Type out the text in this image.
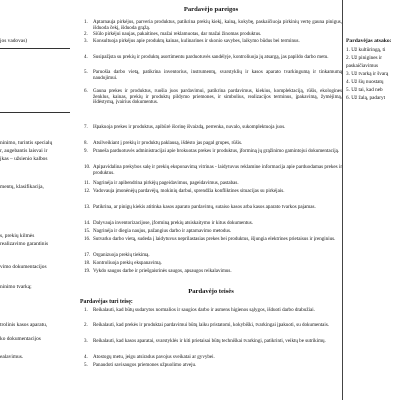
jos vadovas)
ninimo, turintis specialų
r, augebantis laisvai ir
jkas – užsienio kalbos
mentų, klasifikacija,
s, prekių kilmės
realizavimo garantinis
vimo dokumentacijos
ninimo tvarką;
trolinis kasos aparatu,
ko dokumentacijos
ealavimus.
Pardavėjo pareigos
1.	Aptarnauja pirkėjus, parveria produktus, patikrina prekių kiekį, kainą, kokybę, paskaičiuoja pirkinių vertę gauna pinigus, išduoda čekį, išduoda grąžą.
2.	Siūlo pirkėjui naujas, pakaitines, mažai reklamuotas, dar mažai žinomas produktus.
3.	Konsultuoja pirkėjus apie produktų kainas, kulinarines ir skonio savybes, laikymo būdus bei terminus.
4.	Susipažįsta su prekių ir produktų asortimentu parduotuvės sandėlyje, kontroliuoja jų atsargą, jas papildo darbo metu.
5.	Paruošia darbo vietą, patikrina inventorius, instrumentų, svarstyklių ir kasos aparato tvarkingumą ir tinkamumą naudojimui.
6.	Gauna prekes ir produktus, ruošia juos pardavimui, patikrina pardavimus, kiekius, komplektaciją, rūšis, ekologines ženklus, kainas, prekių ir produktų pildymo priemones, ir simbolius, realizacijos terminus, įpakavimą, žymėjimą, išdėstymą, įvairius dokumentus.
7.	Išpakuoja prekes ir produktus, apibūrė išorinę išvaizdą, perrenka, nuvalo, sukomplektuoja juos.
8.	Atsilveikiant į prekių ir produktų paklausą, išdėsto jas pagal grupes, rūšis.
9.	Praneša parduotuvės administracijai apie brokuotas prekes ir produktus, įforminą jų grąžinimo gamintojui dokumentaciją.
10. Apipavidalina prekybos salę ir prekių eksponavimą vitrinas - laidytuvus reklamine informacija apie parduodamas prekes ir produktus.
11. Nagrinėja ir apibendrina pirkėjų pageidavimus, pageidavimus, pastabas.
12. Vadovauja įmonėnėjų pardavėjų, mokinių darbui, sprendžia konfliktines situacijas su pirkėjais.
13. Patikrina, ar pinigų kiekis atitinka kasos aparato pardavimų, sutaiso kasos arba kasos aparato tvarkos pajamas.
14. Dalyvauja inventorizacijose, įforminą prekių atsiskaitymo ir kitus dokumentus.
15. Nagrinėja ir diegia naujus, pažangius darbo ir aptarnavimo metodus.
16. Sutvarko darbo vietą, sudeda į laidytuvus neprilastasias prekes bei produktus, išjungia elektrines prietaisus ir įrenginius.
17. Organizuoja prekių tiekimą.
18. Kontroliuoja prekių ekspanavimą.
19. Vykdo saugos darbe ir priešgaisrinės saugos, apsaugos reikalavimus.
Pardavėjo teisės
Pardavėjas turi teisę:
1.	Reikalauti, kad būtų sudarytos normalios ir saugios darbo ir asmens higienos sąlygos, išduoti darbo drabužiai.
2.	Reikalauti, kad prekės ir produktai pardavimui būtų laiku pristatomi, kokybiški, tvarkingai įpakuoti, su dokumentais.
3.	Reikalauti, kad kasos aparatai, svarstyklės ir kiti prietaisai būtų techniškai tvarkingi, patikrinti, veiktų be sutrikimų.
4.	Atostogų metu, jeigu atsiradus pavojus sveikatai ar gyvybei.
5.	Panaudoti savisaugos priemones užpuolimo atveju.
Pardavėjas atsako:
1. Už kultūringą, ti
2. Už pinigines ir
paskaičiavimus
3. Už tvarką ir švarą
4. Už šių nuostatų
5. Už tai, kad neb
6. Už žalą, padaryt
